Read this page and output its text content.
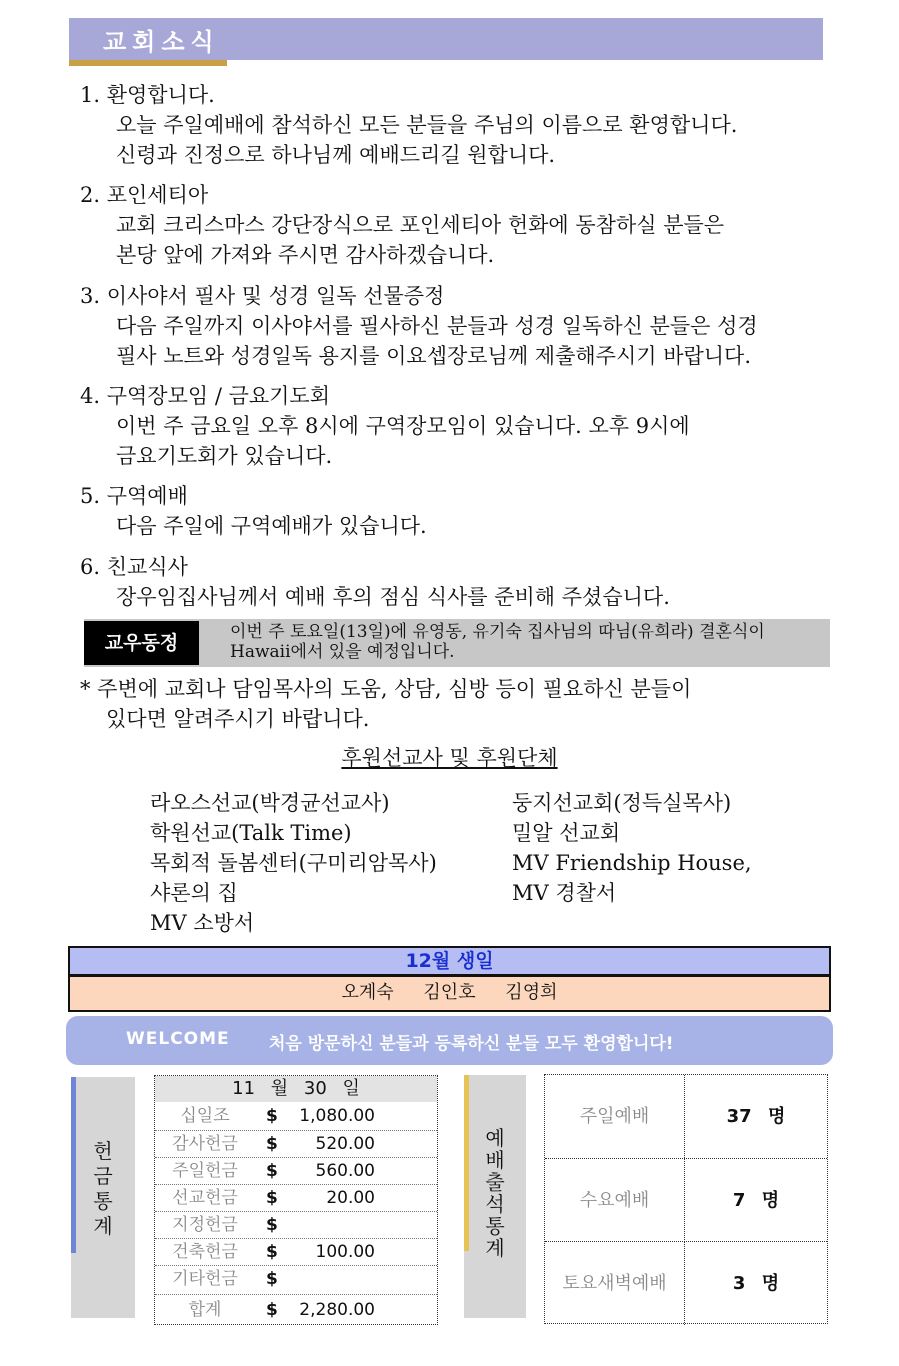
교회소식
1. 환영합니다.
오늘 주일예배에 참석하신 모든 분들을 주님의 이름으로 환영합니다.
신령과 진정으로 하나님께 예배드리길 원합니다.
2. 포인세티아
교회 크리스마스 강단장식으로 포인세티아 헌화에 동참하실 분들은
본당 앞에 가져와 주시면 감사하겠습니다.
3. 이사야서 필사 및 성경 일독 선물증정
다음 주일까지 이사야서를 필사하신 분들과 성경 일독하신 분들은 성경
필사 노트와 성경일독 용지를 이요셉장로님께 제출해주시기 바랍니다.
4. 구역장모임 / 금요기도회
이번 주 금요일 오후 8시에 구역장모임이 있습니다. 오후 9시에
금요기도회가 있습니다.
5. 구역예배
다음 주일에 구역예배가 있습니다.
6. 친교식사
장우임집사님께서 예배 후의 점심 식사를 준비해 주셨습니다.
교우동정	이번 주 토요일(13일)에 유영동, 유기숙 집사님의 따님(유희라) 결혼식이
Hawaii에서 있을 예정입니다.
* 주변에 교회나 담임목사의 도움, 상담, 심방 등이 필요하신 분들이
있다면 알려주시기 바랍니다.
후원선교사 및 후원단체
라오스선교(박경균선교사)
학원선교(Talk Time)
목회적 돌봄센터(구미리암목사)
샤론의 집
MV 소방서
둥지선교회(정득실목사)
밀알 선교회
MV Friendship House,
MV 경찰서
12월 생일
오계숙 김인호 김영희
WELCOME 처음 방문하신 분들과 등록하신 분들 모두 환영합니다!
헌
금
통
계
11 월 30 일
십일조	$ 1,080.00
감사헌금	$ 520.00
주일헌금	$ 560.00
선교헌금	$	20.00
지정헌금	$
건축헌금	$ 100.00
기타헌금	$
합계	$ 2,280.00
예
배
출
석
통
계
주일예배	37 명
수요예배	7 명
토요새벽예배	3 명
